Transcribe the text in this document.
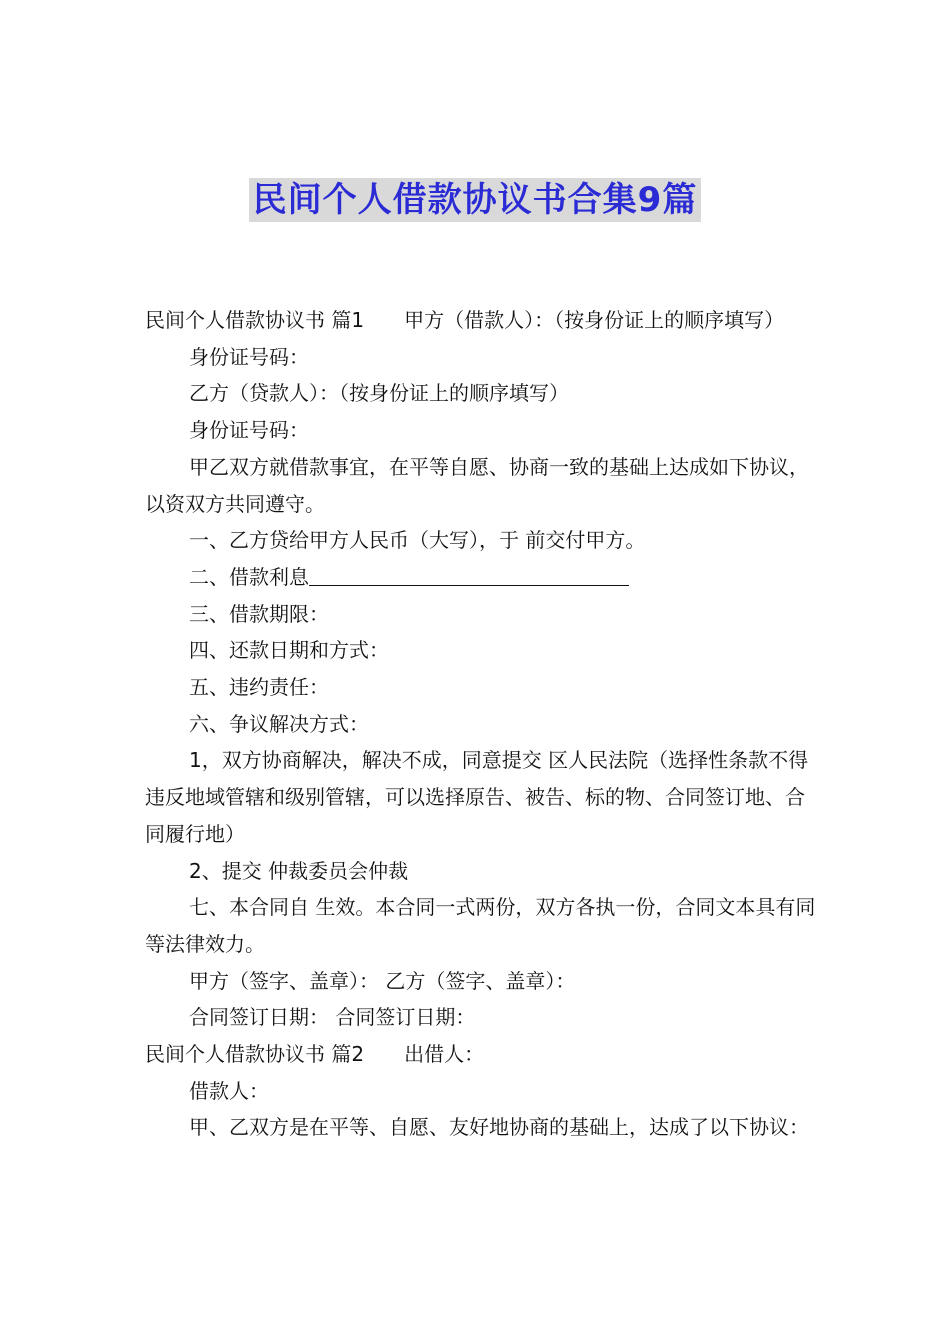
民间个人借款协议书合集9篇

民间个人借款协议书 篇1 甲方（借款人）：（按身份证上的顺序填写）

身份证号码：

乙方（贷款人）：（按身份证上的顺序填写）

身份证号码：

甲乙双方就借款事宜，在平等自愿、协商一致的基础上达成如下协议，以资双方共同遵守。

一、乙方贷给甲方人民币（大写），于 前交付甲方。

二、借款利息

三、借款期限：

四、还款日期和方式：

五、违约责任：

六、争议解决方式：

1，双方协商解决，解决不成，同意提交 区人民法院（选择性条款不得违反地域管辖和级别管辖，可以选择原告、被告、标的物、合同签订地、合同履行地）

2、提交 仲裁委员会仲裁

七、本合同自 生效。本合同一式两份，双方各执一份，合同文本具有同等法律效力。

甲方（签字、盖章）： 乙方（签字、盖章）：

合同签订日期： 合同签订日期：

民间个人借款协议书 篇2 出借人：

借款人：

甲、乙双方是在平等、自愿、友好地协商的基础上，达成了以下协议：
